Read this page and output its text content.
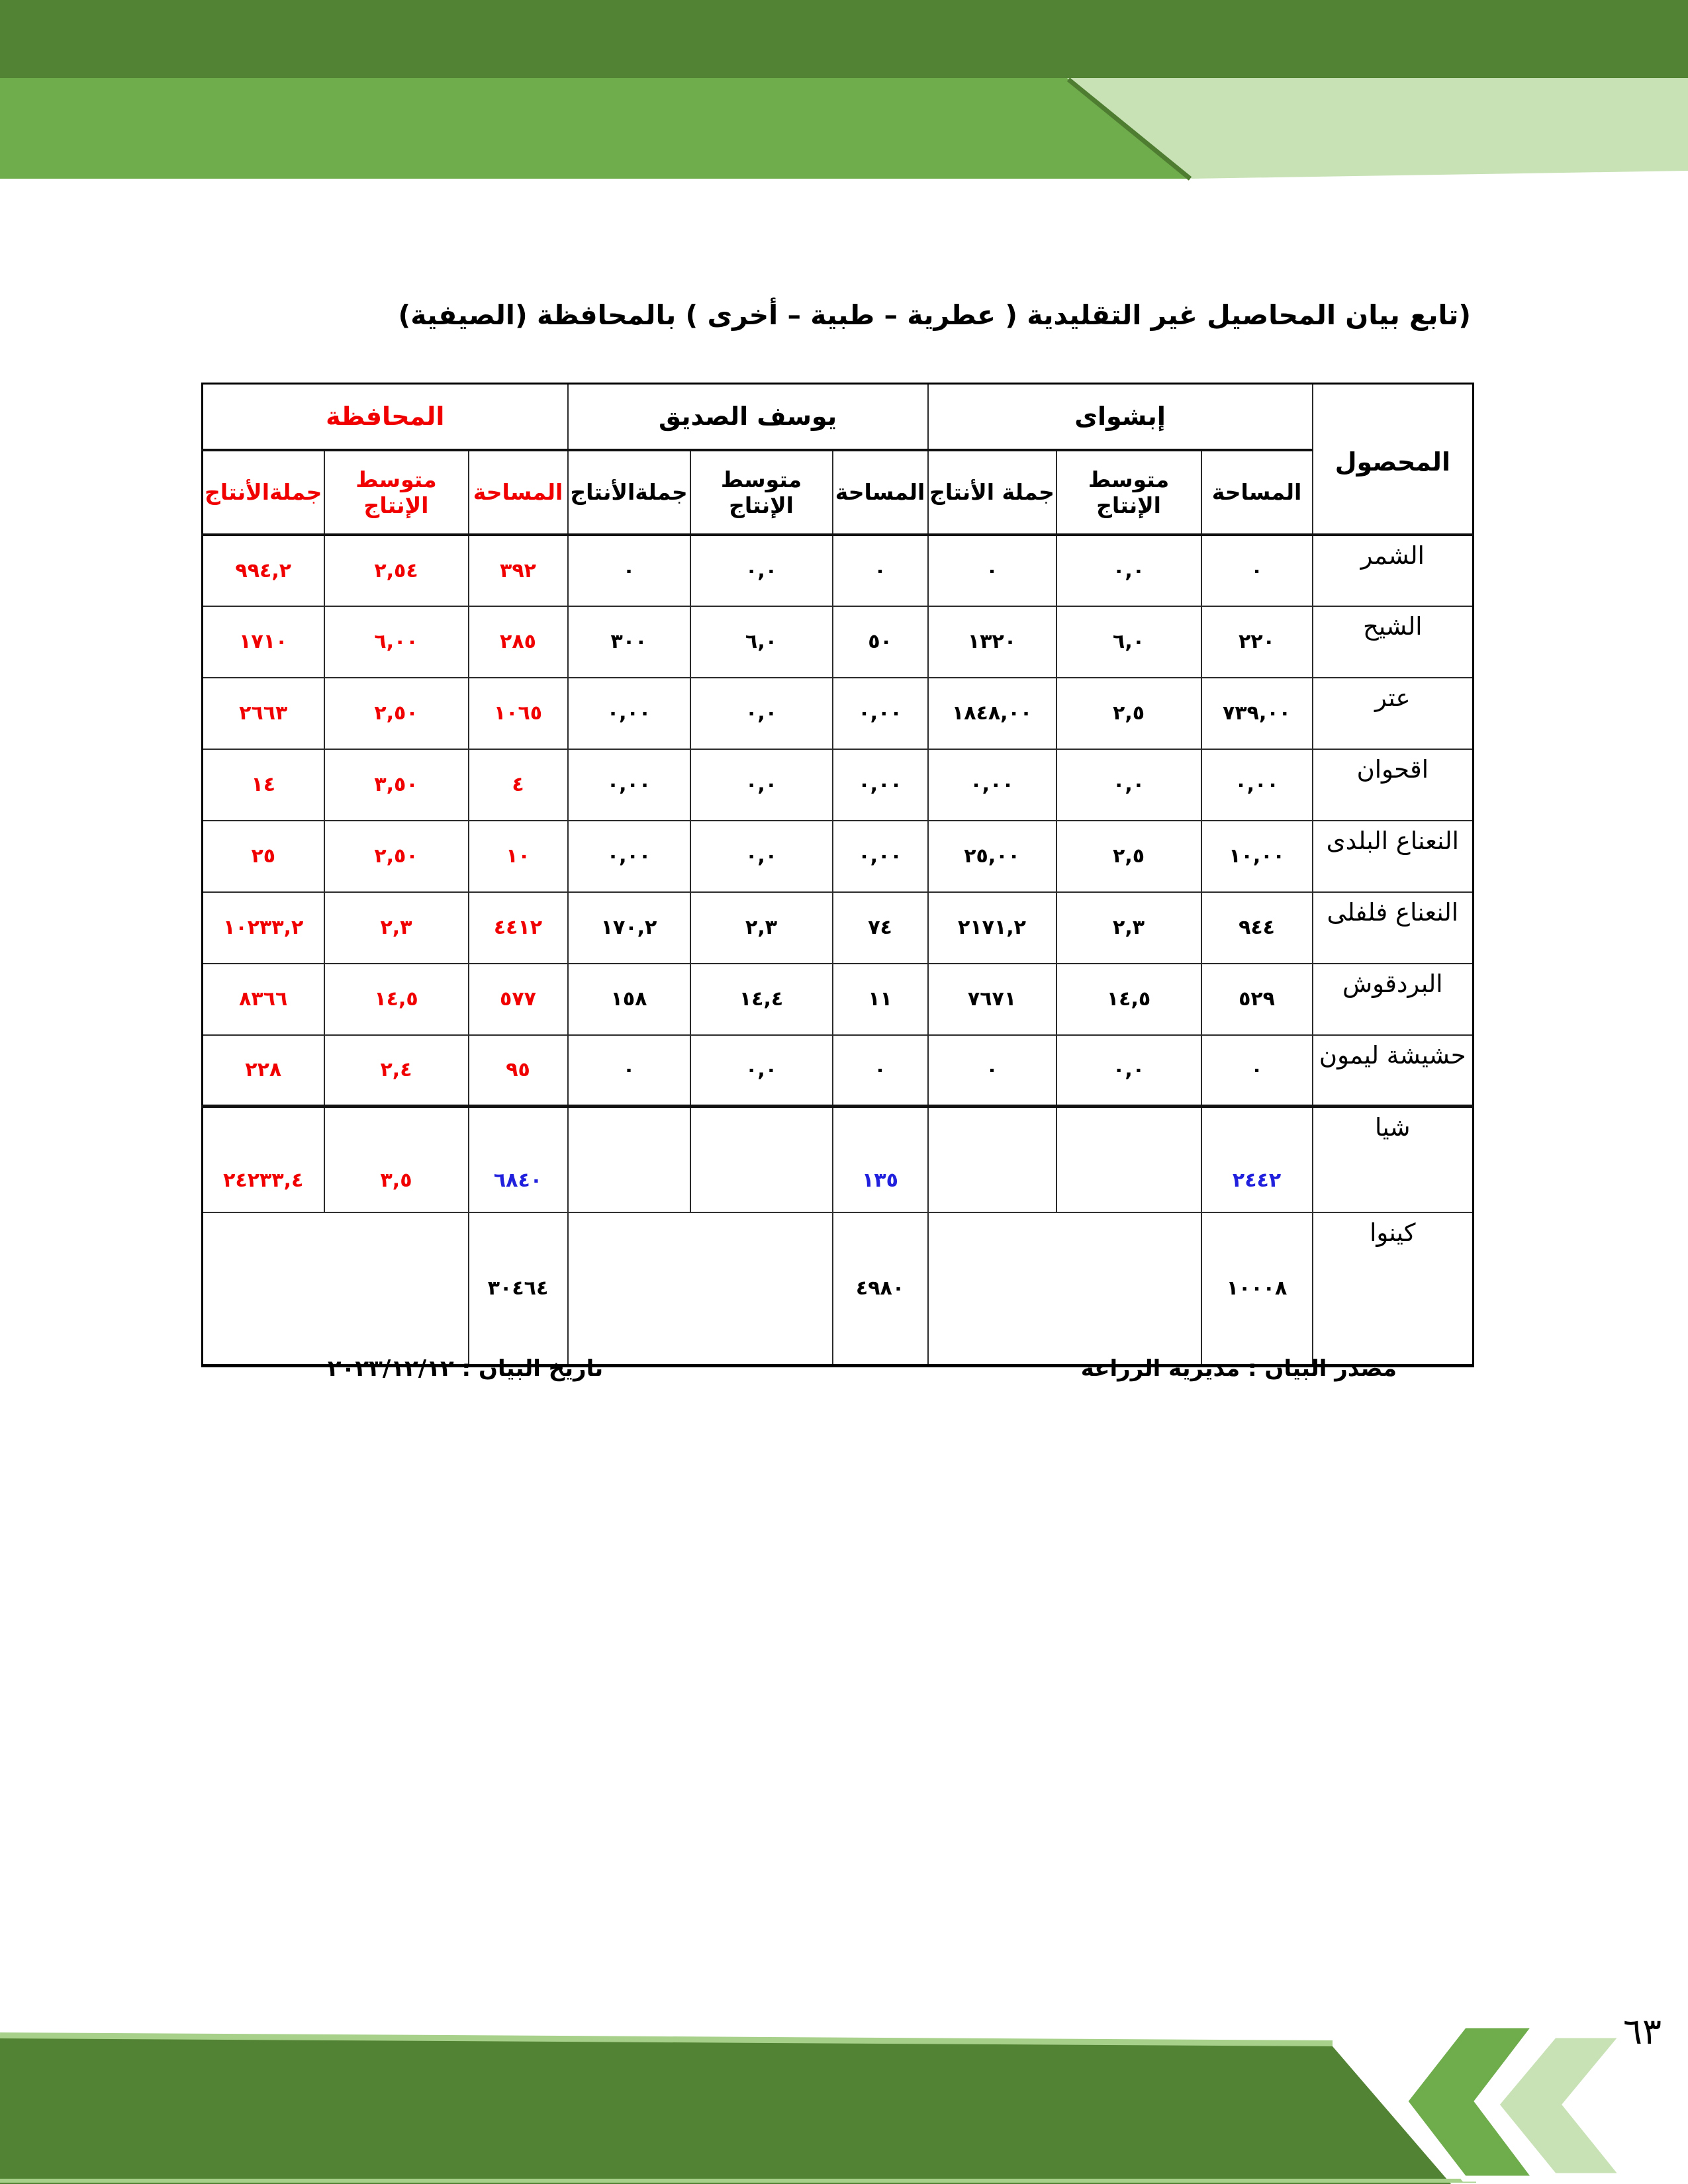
(تابع بيان المحاصيل غير التقليدية ( عطرية – طبية – أخرى ) بالمحافظة (الصيفية)
المحصول	إبشواى			يوسف الصديق			المحافظة		
	المساحة	متوسط الإنتاج	جملة الأنتاج	المساحة	متوسط الإنتاج	جملةالأنتاج	المساحة	متوسط الإنتاج	جملةالأنتاج
الشمر	٠	٠,٠	٠	٠	٠,٠	٠	٣٩٢	٢,٥٤	٩٩٤,٢
الشيح	٢٢٠	٦,٠	١٣٢٠	٥٠	٦,٠	٣٠٠	٢٨٥	٦,٠٠	١٧١٠
عتر	٧٣٩,٠٠	٢,٥	١٨٤٨,٠٠	٠,٠٠	٠,٠	٠,٠٠	١٠٦٥	٢,٥٠	٢٦٦٣
اقحوان	٠,٠٠	٠,٠	٠,٠٠	٠,٠٠	٠,٠	٠,٠٠	٤	٣,٥٠	١٤
النعناع البلدى	١٠,٠٠	٢,٥	٢٥,٠٠	٠,٠٠	٠,٠	٠,٠٠	١٠	٢,٥٠	٢٥
النعناع فلفلى	٩٤٤	٢,٣	٢١٧١,٢	٧٤	٢,٣	١٧٠,٢	٤٤١٢	٢,٣	١٠٢٣٣,٢
البردقوش	٥٢٩	١٤,٥	٧٦٧١	١١	١٤,٤	١٥٨	٥٧٧	١٤,٥	٨٣٦٦
حشيشة ليمون	٠	٠,٠	٠	٠	٠,٠	٠	٩٥	٢,٤	٢٢٨
شيا	٢٤٤٢			١٣٥			٦٨٤٠	٣,٥	٢٤٢٣٣,٤
كينوا	١٠٠٠٨			٤٩٨٠			٣٠٤٦٤		
مصدر البيان : مديرية الزراعة
تاريخ البيان : ٢٠٢٣/١٢/١٢
٦٣
